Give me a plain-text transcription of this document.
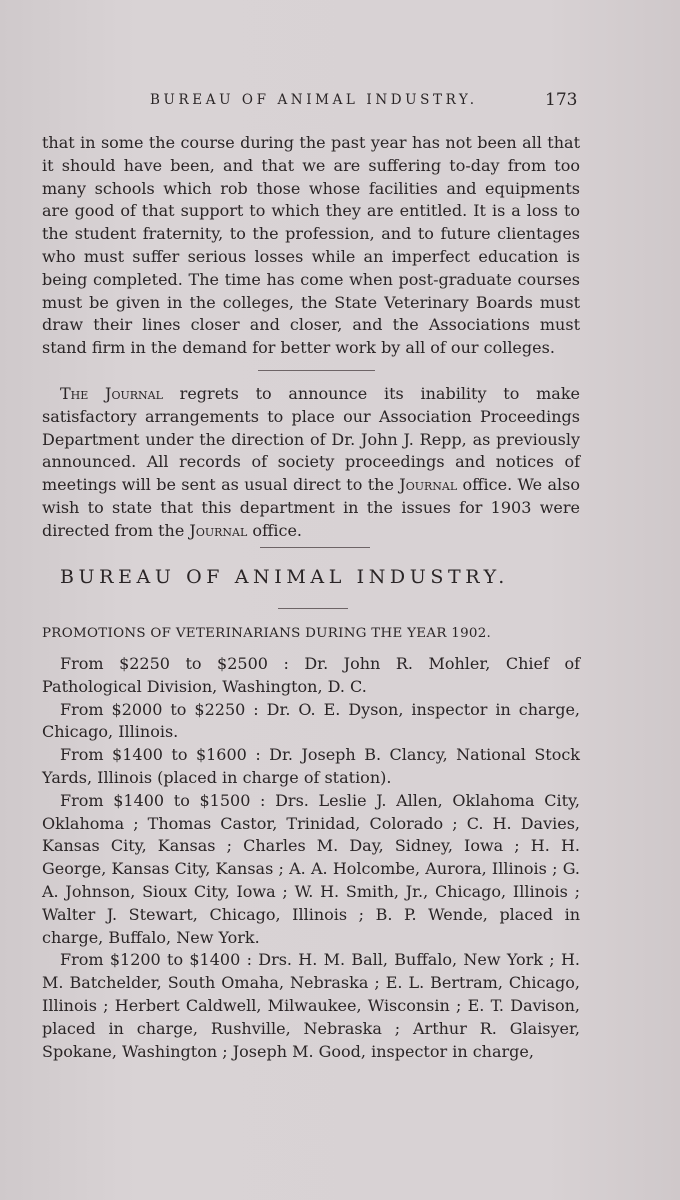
BUREAU OF ANIMAL INDUSTRY.	173

that in some the course during the past year has not been all that it should have been, and that we are suffering to-day from too many schools which rob those whose facilities and equipments are good of that support to which they are entitled. It is a loss to the student fraternity, to the profession, and to future clientages who must suffer serious losses while an imperfect education is being completed. The time has come when post-graduate courses must be given in the colleges, the State Veterinary Boards must draw their lines closer and closer, and the Associations must stand firm in the demand for better work by all of our colleges.

The Journal regrets to announce its inability to make satisfactory arrangements to place our Association Proceedings Department under the direction of Dr. John J. Repp, as previously announced. All records of society proceedings and notices of meetings will be sent as usual direct to the Journal office. We also wish to state that this department in the issues for 1903 were directed from the Journal office.

BUREAU OF ANIMAL INDUSTRY.
PROMOTIONS OF VETERINARIANS DURING THE YEAR 1902.

From $2250 to $2500 : Dr. John R. Mohler, Chief of Pathological Division, Washington, D. C.

From $2000 to $2250 : Dr. O. E. Dyson, inspector in charge, Chicago, Illinois.

From $1400 to $1600 : Dr. Joseph B. Clancy, National Stock Yards, Illinois (placed in charge of station).

From $1400 to $1500 : Drs. Leslie J. Allen, Oklahoma City, Oklahoma ; Thomas Castor, Trinidad, Colorado ; C. H. Davies, Kansas City, Kansas ; Charles M. Day, Sidney, Iowa ; H. H. George, Kansas City, Kansas ; A. A. Holcombe, Aurora, Illinois ; G. A. Johnson, Sioux City, Iowa ; W. H. Smith, Jr., Chicago, Illinois ; Walter J. Stewart, Chicago, Illinois ; B. P. Wende, placed in charge, Buffalo, New York.

From $1200 to $1400 : Drs. H. M. Ball, Buffalo, New York ; H. M. Batchelder, South Omaha, Nebraska ; E. L. Bertram, Chicago, Illinois ; Herbert Caldwell, Milwaukee, Wisconsin ; E. T. Davison, placed in charge, Rushville, Nebraska ; Arthur R. Glaisyer, Spokane, Washington ; Joseph M. Good, inspector in charge,
